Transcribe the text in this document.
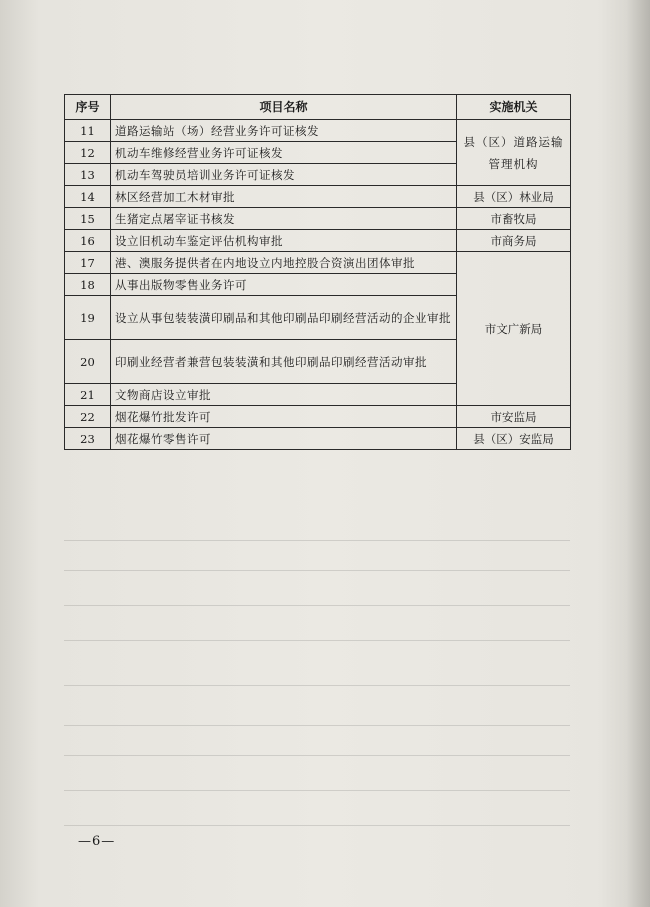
序号	项目名称	实施机关
11	道路运输站（场）经营业务许可证核发	县（区）道路运输管理机构
12	机动车维修经营业务许可证核发	
13	机动车驾驶员培训业务许可证核发	
14	林区经营加工木材审批	县（区）林业局
15	生猪定点屠宰证书核发	市畜牧局
16	设立旧机动车鉴定评估机构审批	市商务局
17	港、澳服务提供者在内地设立内地控股合资演出团体审批	市文广新局
18	从事出版物零售业务许可	
19	设立从事包装装潢印刷品和其他印刷品印刷经营活动的企业审批	
20	印刷业经营者兼营包装装潢和其他印刷品印刷经营活动审批	
21	文物商店设立审批	
22	烟花爆竹批发许可	市安监局
23	烟花爆竹零售许可	县（区）安监局
—6—
